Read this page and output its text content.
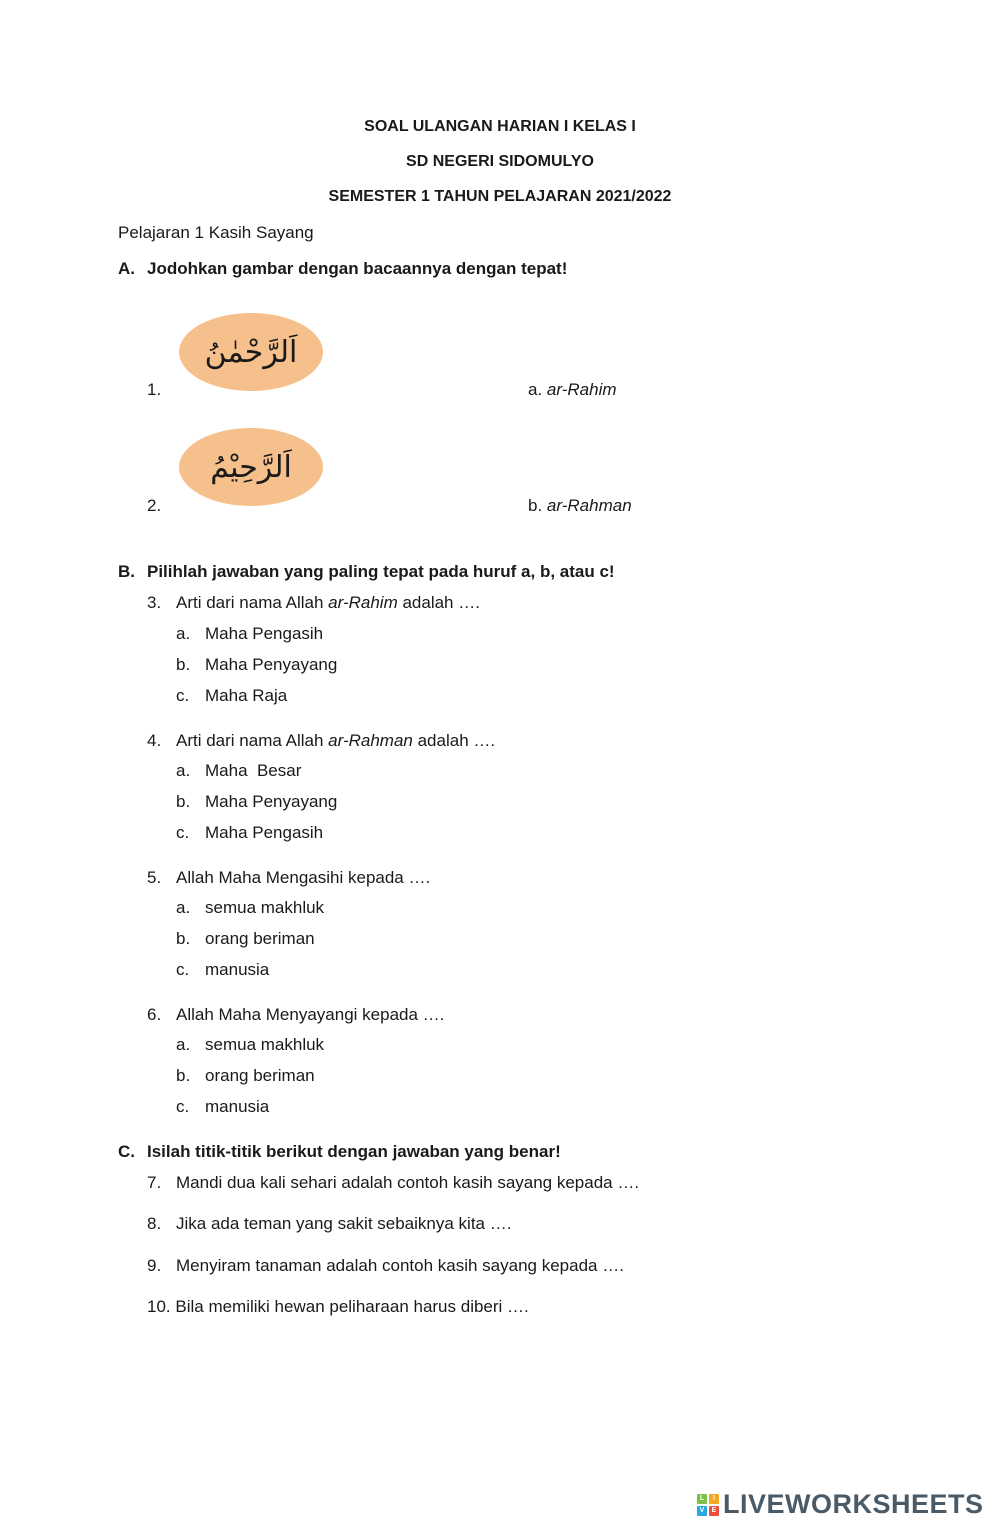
SOAL ULANGAN HARIAN I KELAS I
SD NEGERI SIDOMULYO
SEMESTER 1 TAHUN PELAJARAN 2021/2022
Pelajaran 1 Kasih Sayang
A. Jodohkan gambar dengan bacaannya dengan tepat!
1.
اَلرَّحْمٰنُ
a. ar-Rahim
2.
اَلرَّحِيْمُ
b. ar-Rahman
B. Pilihlah jawaban yang paling tepat pada huruf a, b, atau c!
3. Arti dari nama Allah ar-Rahim adalah ….
a. Maha Pengasih
b. Maha Penyayang
c. Maha Raja
4. Arti dari nama Allah ar-Rahman adalah ….
a. Maha  Besar
b. Maha Penyayang
c. Maha Pengasih
5. Allah Maha Mengasihi kepada ….
a. semua makhluk
b. orang beriman
c. manusia
6. Allah Maha Menyayangi kepada ….
a. semua makhluk
b. orang beriman
c. manusia
C. Isilah titik-titik berikut dengan jawaban yang benar!
7. Mandi dua kali sehari adalah contoh kasih sayang kepada ….
8. Jika ada teman yang sakit sebaiknya kita ….
9. Menyiram tanaman adalah contoh kasih sayang kepada ….
10. Bila memiliki hewan peliharaan harus diberi ….
L	I
V	E LIVEWORKSHEETS
